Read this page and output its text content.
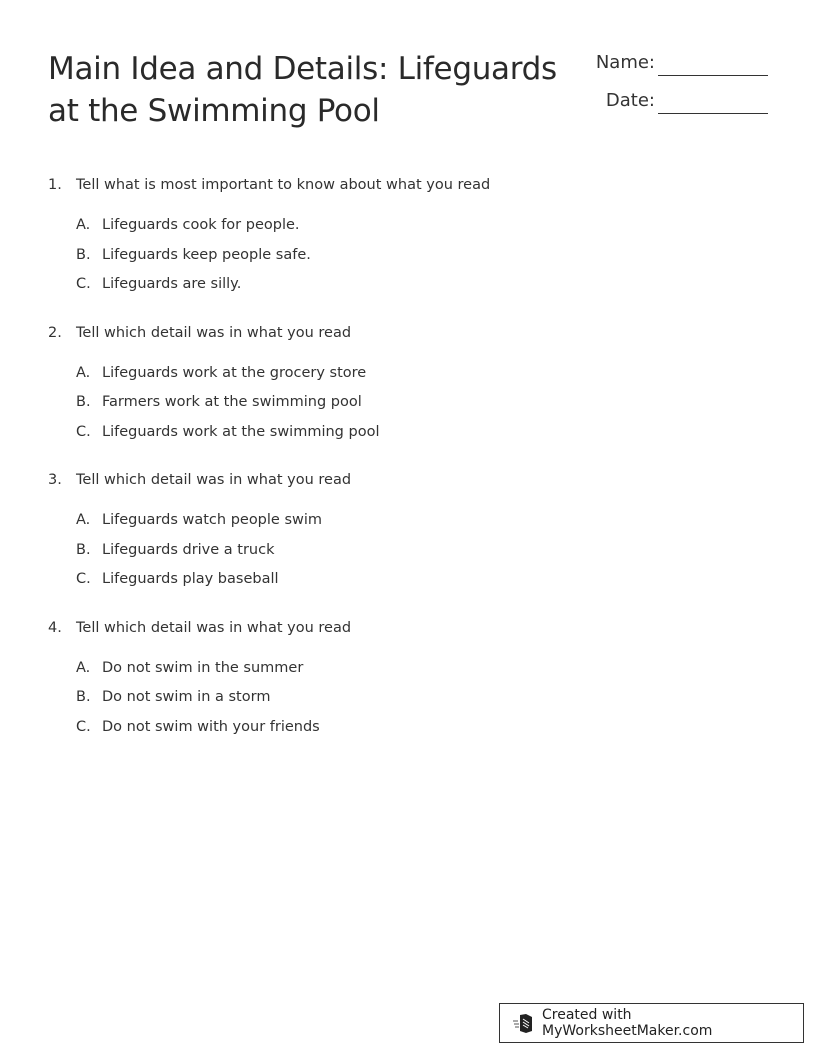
Main Idea and Details: Lifeguards at the Swimming Pool
Name:
Date:
1. Tell what is most important to know about what you read
A. Lifeguards cook for people.
B. Lifeguards keep people safe.
C. Lifeguards are silly.
2. Tell which detail was in what you read
A. Lifeguards work at the grocery store
B. Farmers work at the swimming pool
C. Lifeguards work at the swimming pool
3. Tell which detail was in what you read
A. Lifeguards watch people swim
B. Lifeguards drive a truck
C. Lifeguards play baseball
4. Tell which detail was in what you read
A. Do not swim in the summer
B. Do not swim in a storm
C. Do not swim with your friends
Created with MyWorksheetMaker.com
